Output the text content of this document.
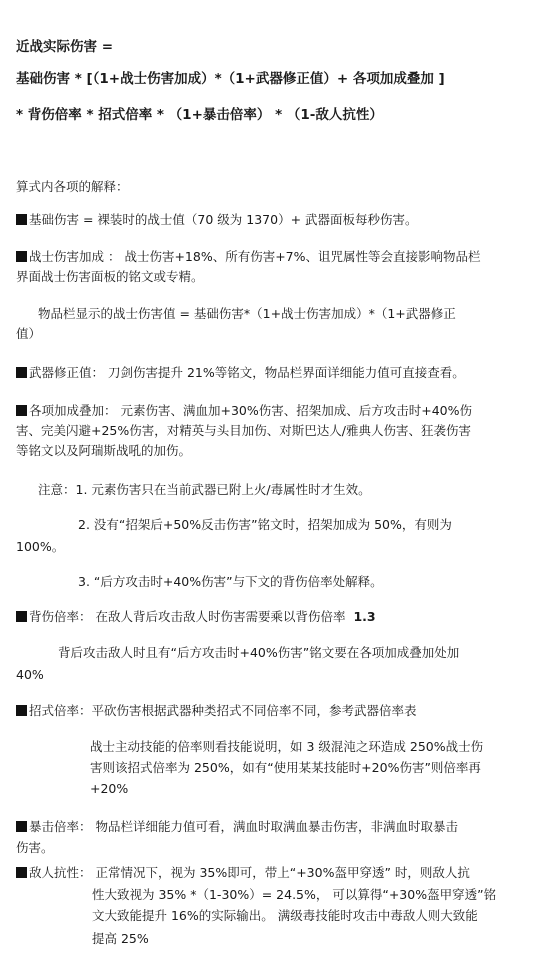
近战实际伤害 =
基础伤害 * [（1+战士伤害加成）*（1+武器修正值）+ 各项加成叠加 ]
* 背伤倍率 * 招式倍率 * （1+暴击倍率） * （1-敌人抗性）
算式内各项的解释：
基础伤害 = 裸装时的战士值（70 级为 1370）+ 武器面板每秒伤害。
战士伤害加成 ： 战士伤害+18%、所有伤害+7%、诅咒属性等会直接影响物品栏
界面战士伤害面板的铭文或专精。
物品栏显示的战士伤害值 = 基础伤害*（1+战士伤害加成）*（1+武器修正
值）
武器修正值： 刀剑伤害提升 21%等铭文，物品栏界面详细能力值可直接查看。
各项加成叠加： 元素伤害、满血加+30%伤害、招架加成、后方攻击时+40%伤
害、完美闪避+25%伤害，对精英与头目加伤、对斯巴达人/雅典人伤害、狂袭伤害
等铭文以及阿瑞斯战吼的加伤。
注意：1. 元素伤害只在当前武器已附上火/毒属性时才生效。
2. 没有“招架后+50%反击伤害”铭文时，招架加成为 50%，有则为
100%。
3. “后方攻击时+40%伤害”与下文的背伤倍率处解释。
背伤倍率： 在敌人背后攻击敌人时伤害需要乘以背伤倍率 1.3
背后攻击敌人时且有“后方攻击时+40%伤害”铭文要在各项加成叠加处加
40%
招式倍率：平砍伤害根据武器种类招式不同倍率不同，参考武器倍率表
战士主动技能的倍率则看技能说明，如 3 级混沌之环造成 250%战士伤
害则该招式倍率为 250%，如有“使用某某技能时+20%伤害”则倍率再
+20%
暴击倍率： 物品栏详细能力值可看，满血时取满血暴击伤害，非满血时取暴击
伤害。
敌人抗性： 正常情况下，视为 35%即可，带上“+30%盔甲穿透” 时，则敌人抗
性大致视为 35% *（1-30%）= 24.5%， 可以算得“+30%盔甲穿透”铭
文大致能提升 16%的实际输出。 满级毒技能时攻击中毒敌人则大致能
提高 25%
